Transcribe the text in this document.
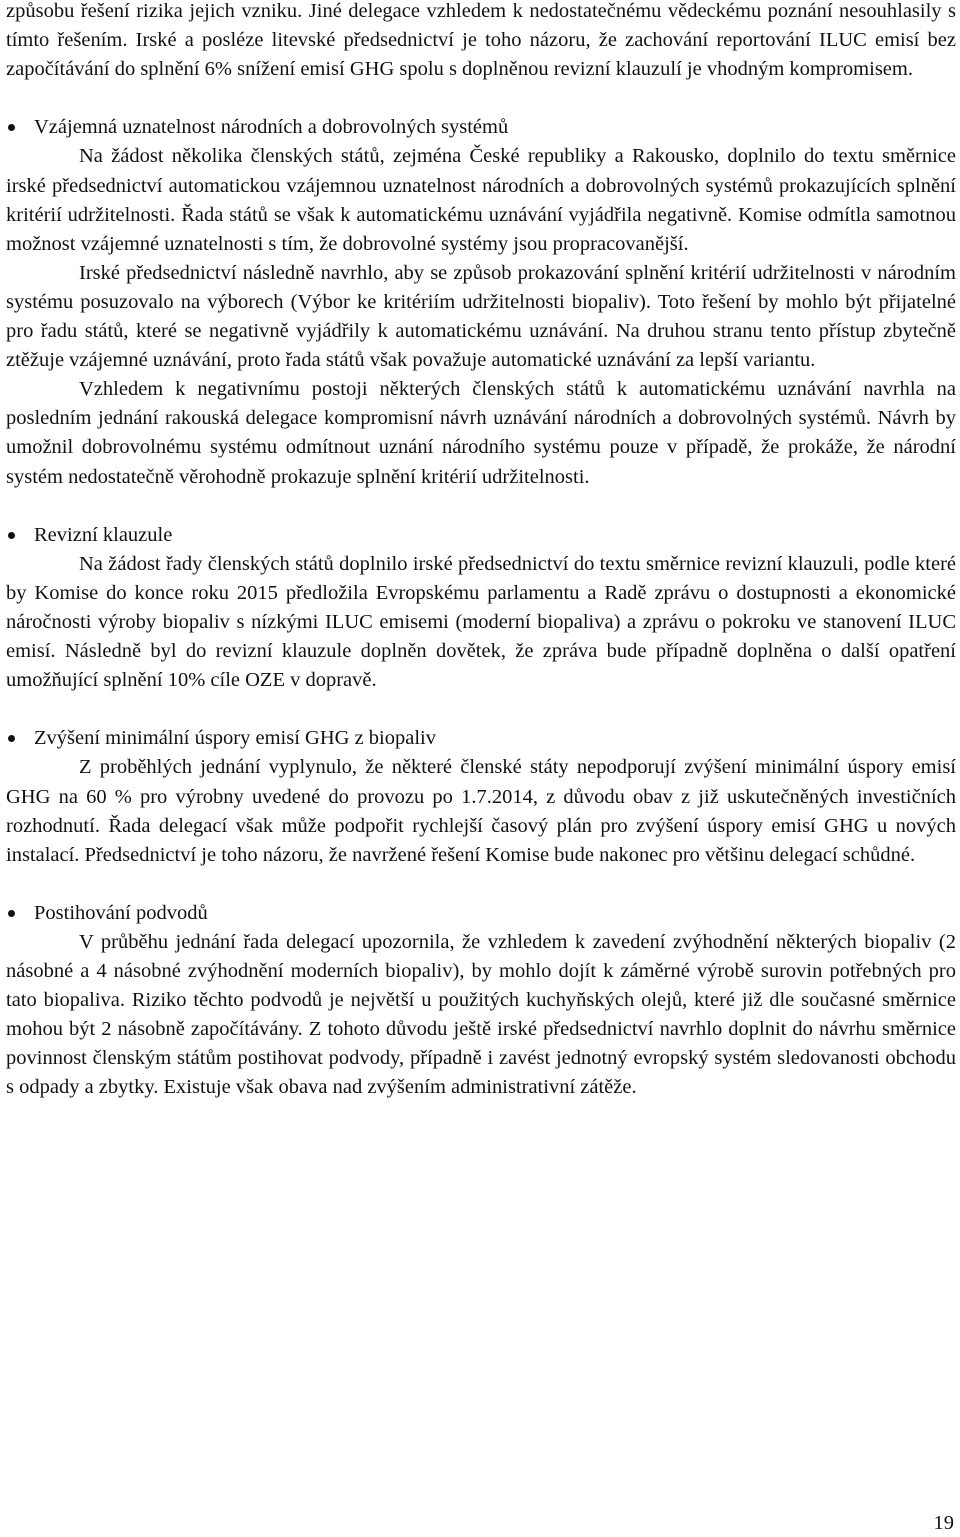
způsobu řešení rizika jejich vzniku. Jiné delegace vzhledem k nedostatečnému vědeckému poznání nesouhlasily s tímto řešením. Irské a posléze litevské předsednictví je toho názoru, že zachování reportování ILUC emisí bez započítávání do splnění 6% snížení emisí GHG spolu s doplněnou revizní klauzulí je vhodným kompromisem.

Vzájemná uznatelnost národních a dobrovolných systémů

Na žádost několika členských států, zejména České republiky a Rakousko, doplnilo do textu směrnice irské předsednictví automatickou vzájemnou uznatelnost národních a dobrovolných systémů prokazujících splnění kritérií udržitelnosti. Řada států se však k automatickému uznávání vyjádřila negativně. Komise odmítla samotnou možnost vzájemné uznatelnosti s tím, že dobrovolné systémy jsou propracovanější.

Irské předsednictví následně navrhlo, aby se způsob prokazování splnění kritérií udržitelnosti v národním systému posuzovalo na výborech (Výbor ke kritériím udržitelnosti biopaliv). Toto řešení by mohlo být přijatelné pro řadu států, které se negativně vyjádřily k automatickému uznávání. Na druhou stranu tento přístup zbytečně ztěžuje vzájemné uznávání, proto řada států však považuje automatické uznávání za lepší variantu.

Vzhledem k negativnímu postoji některých členských států k automatickému uznávání navrhla na posledním jednání rakouská delegace kompromisní návrh uznávání národních a dobrovolných systémů. Návrh by umožnil dobrovolnému systému odmítnout uznání národního systému pouze v případě, že prokáže, že národní systém nedostatečně věrohodně prokazuje splnění kritérií udržitelnosti.

Revizní klauzule

Na žádost řady členských států doplnilo irské předsednictví do textu směrnice revizní klauzuli, podle které by Komise do konce roku 2015 předložila Evropskému parlamentu a Radě zprávu o dostupnosti a ekonomické náročnosti výroby biopaliv s nízkými ILUC emisemi (moderní biopaliva) a zprávu o pokroku ve stanovení ILUC emisí. Následně byl do revizní klauzule doplněn dovětek, že zpráva bude případně doplněna o další opatření umožňující splnění 10% cíle OZE v dopravě.

Zvýšení minimální úspory emisí GHG z biopaliv

Z proběhlých jednání vyplynulo, že některé členské státy nepodporují zvýšení minimální úspory emisí GHG na 60 % pro výrobny uvedené do provozu po 1.7.2014, z důvodu obav z již uskutečněných investičních rozhodnutí. Řada delegací však může podpořit rychlejší časový plán pro zvýšení úspory emisí GHG u nových instalací. Předsednictví je toho názoru, že navržené řešení Komise bude nakonec pro většinu delegací schůdné.

Postihování podvodů

V průběhu jednání řada delegací upozornila, že vzhledem k zavedení zvýhodnění některých biopaliv (2 násobné a 4 násobné zvýhodnění moderních biopaliv), by mohlo dojít k záměrné výrobě surovin potřebných pro tato biopaliva. Riziko těchto podvodů je největší u použitých kuchyňských olejů, které již dle současné směrnice mohou být 2 násobně započítávány. Z tohoto důvodu ještě irské předsednictví navrhlo doplnit do návrhu směrnice povinnost členským státům postihovat podvody, případně i zavést jednotný evropský systém sledovanosti obchodu s odpady a zbytky. Existuje však obava nad zvýšením administrativní zátěže.

19
